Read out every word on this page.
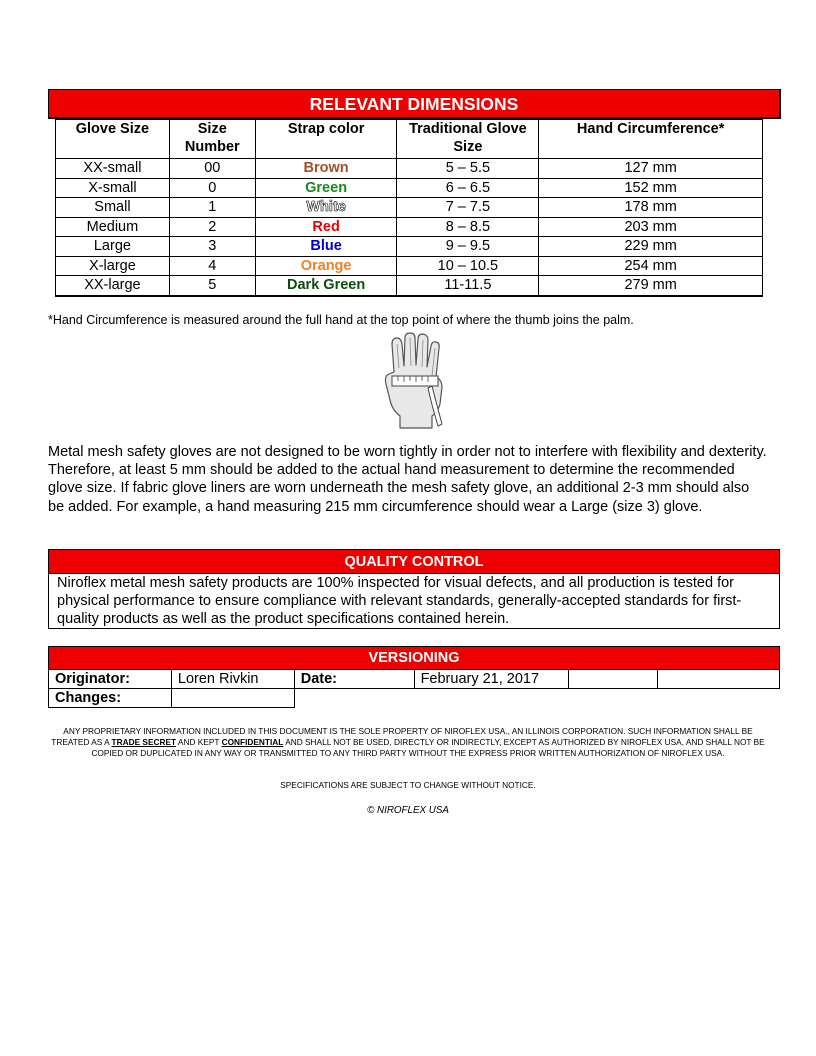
RELEVANT DIMENSIONS
Glove Size	Size Number	Strap color	Traditional Glove Size	Hand Circumference*
XX-small	00	Brown	5 – 5.5	127 mm
X-small	0	Green	6 – 6.5	152 mm
Small	1	White	7 – 7.5	178 mm
Medium	2	Red	8 – 8.5	203 mm
Large	3	Blue	9 – 9.5	229 mm
X-large	4	Orange	10 – 10.5	254 mm
XX-large	5	Dark Green	11-11.5	279 mm
*Hand Circumference is measured around the full hand at the top point of where the thumb joins the palm.
Metal mesh safety gloves are not designed to be worn tightly in order not to interfere with flexibility and dexterity. Therefore, at least 5 mm should be added to the actual hand measurement to determine the recommended glove size. If fabric glove liners are worn underneath the mesh safety glove, an additional 2-3 mm should also be added. For example, a hand measuring 215 mm circumference should wear a Large (size 3) glove.
QUALITY CONTROL
Niroflex metal mesh safety products are 100% inspected for visual defects, and all production is tested for physical performance to ensure compliance with relevant standards, generally-accepted standards for first-quality products as well as the product specifications contained herein.
VERSIONING
Originator:	Loren Rivkin	Date:	February 21, 2017		
Changes:					
ANY PROPRIETARY INFORMATION INCLUDED IN THIS DOCUMENT IS THE SOLE PROPERTY OF NIROFLEX USA., AN ILLINOIS CORPORATION. SUCH INFORMATION SHALL BE TREATED AS A TRADE SECRET AND KEPT CONFIDENTIAL AND SHALL NOT BE USED, DIRECTLY OR INDIRECTLY, EXCEPT AS AUTHORIZED BY NIROFLEX USA, AND SHALL NOT BE COPIED OR DUPLICATED IN ANY WAY OR TRANSMITTED TO ANY THIRD PARTY WITHOUT THE EXPRESS PRIOR WRITTEN AUTHORIZATION OF NIROFLEX USA.
SPECIFICATIONS ARE SUBJECT TO CHANGE WITHOUT NOTICE.
© NIROFLEX USA
